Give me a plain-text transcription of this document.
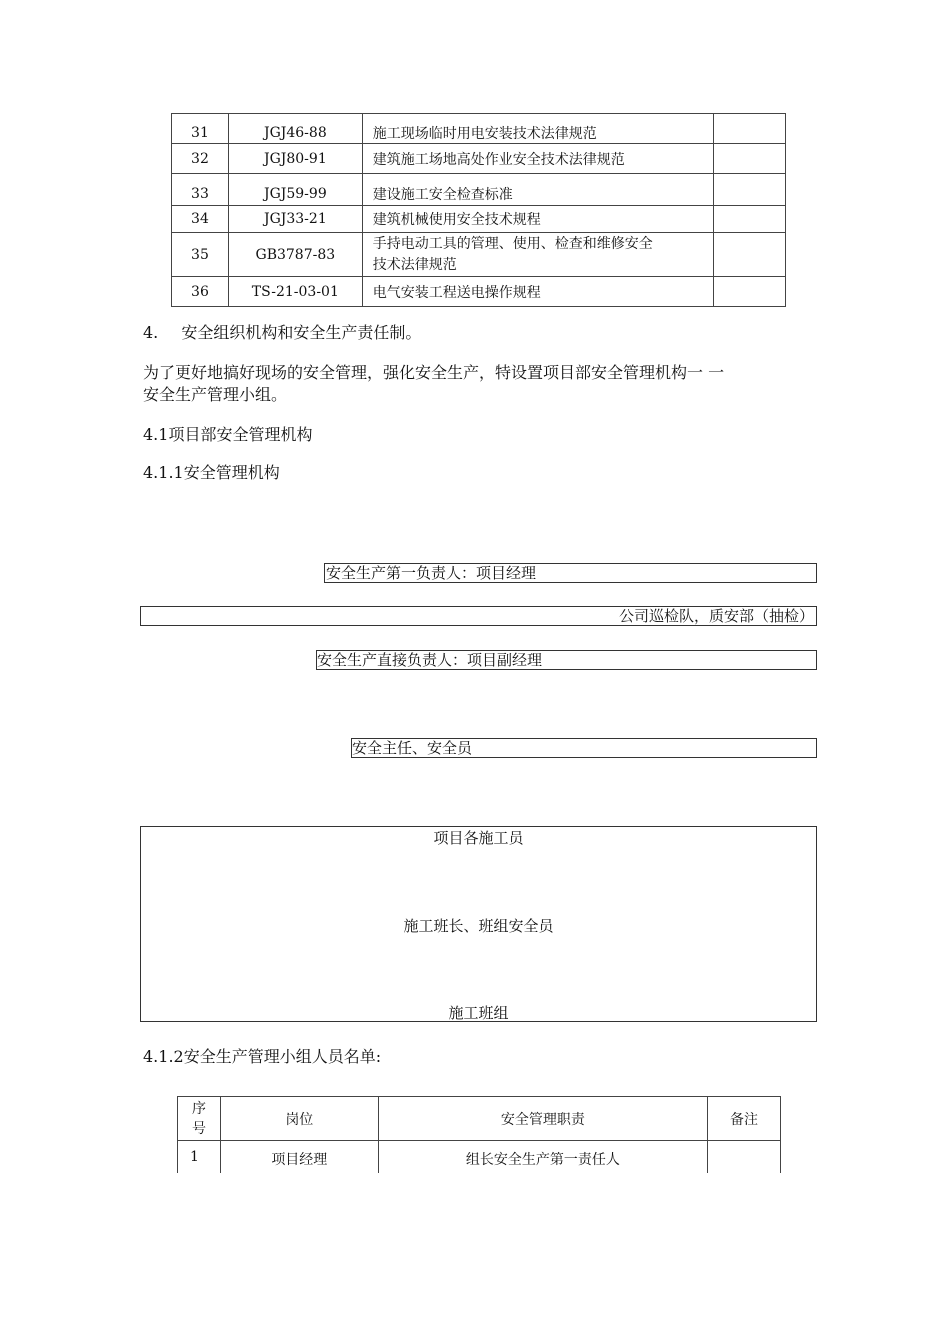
31	JGJ46-88	施工现场临时用电安装技术法律规范	
32	JGJ80-91	建筑施工场地高处作业安全技术法律规范	
33	JGJ59-99	建设施工安全检查标准	
34	JGJ33-21	建筑机械使用安全技术规程	
35	GB3787-83	手持电动工具的管理、使用、检查和维修安全
技术法律规范	

36	TS-21-03-01	电气安装工程送电操作规程	
4. 安全组织机构和安全生产责任制。
为了更好地搞好现场的安全管理，强化安全生产，特设置项目部安全管理机构一 一
安全生产管理小组。
4.1项目部安全管理机构
4.1.1安全管理机构
安全生产第一负责人：项目经理
公司巡检队，质安部（抽检）
安全生产直接负责人：项目副经理
安全主任、安全员
项目各施工员
施工班长、班组安全员
施工班组
4.1.2安全生产管理小组人员名单:
序
号	岗位	安全管理职责	备注
1	项目经理	组长安全生产第一责任人	
